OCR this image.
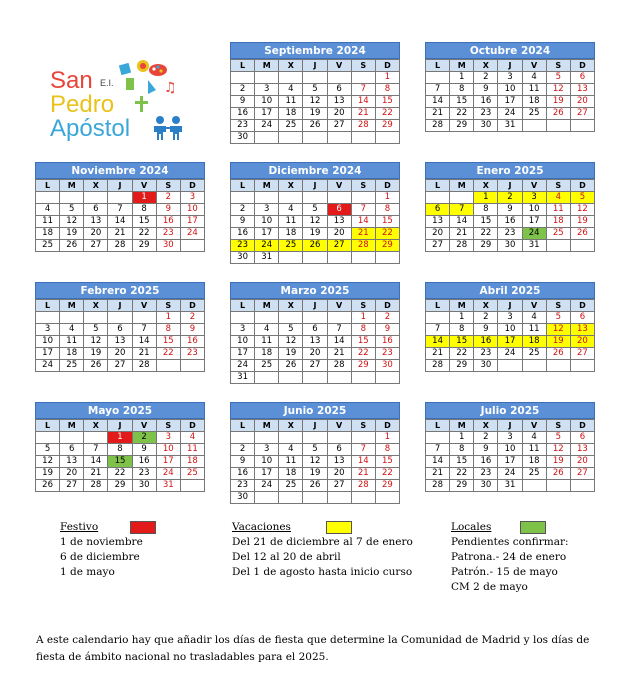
San E.I.
Pedro
Apóstol
♫
Septiembre 2024
L	M	X	J	V	S	D
						1
2	3	4	5	6	7	8
9	10	11	12	13	14	15
16	17	18	19	20	21	22
23	24	25	26	27	28	29
30						
Octubre 2024
L	M	X	J	V	S	D
	1	2	3	4	5	6
7	8	9	10	11	12	13
14	15	16	17	18	19	20
21	22	23	24	25	26	27
28	29	30	31			
Noviembre 2024
L	M	X	J	V	S	D
				1	2	3
4	5	6	7	8	9	10
11	12	13	14	15	16	17
18	19	20	21	22	23	24
25	26	27	28	29	30	
Diciembre 2024
L	M	X	J	V	S	D
						1
2	3	4	5	6	7	8
9	10	11	12	13	14	15
16	17	18	19	20	21	22
23	24	25	26	27	28	29
30	31					
Enero 2025
L	M	X	J	V	S	D
		1	2	3	4	5
6	7	8	9	10	11	12
13	14	15	16	17	18	19
20	21	22	23	24	25	26
27	28	29	30	31		
Febrero 2025
L	M	X	J	V	S	D
					1	2
3	4	5	6	7	8	9
10	11	12	13	14	15	16
17	18	19	20	21	22	23
24	25	26	27	28		
Marzo 2025
L	M	X	J	V	S	D
					1	2
3	4	5	6	7	8	9
10	11	12	13	14	15	16
17	18	19	20	21	22	23
24	25	26	27	28	29	30
31						
Abril 2025
L	M	X	J	V	S	D
	1	2	3	4	5	6
7	8	9	10	11	12	13
14	15	16	17	18	19	20
21	22	23	24	25	26	27
28	29	30				
Mayo 2025
L	M	X	J	V	S	D
			1	2	3	4
5	6	7	8	9	10	11
12	13	14	15	16	17	18
19	20	21	22	23	24	25
26	27	28	29	30	31	
Junio 2025
L	M	X	J	V	S	D
						1
2	3	4	5	6	7	8
9	10	11	12	13	14	15
16	17	18	19	20	21	22
23	24	25	26	27	28	29
30						
Julio 2025
L	M	X	J	V	S	D
	1	2	3	4	5	6
7	8	9	10	11	12	13
14	15	16	17	18	19	20
21	22	23	24	25	26	27
28	29	30	31			
Festivo
1 de noviembre
6 de diciembre
1 de mayo
Vacaciones
Del 21 de diciembre al 7 de enero
Del 12 al 20 de abril
Del 1 de agosto hasta inicio curso
Locales
Pendientes confirmar:
Patrona.- 24 de enero
Patrón.- 15 de mayo
CM 2 de mayo
A este calendario hay que añadir los días de fiesta que determine la Comunidad de Madrid y los días de fiesta de ámbito nacional no trasladables para el 2025.
